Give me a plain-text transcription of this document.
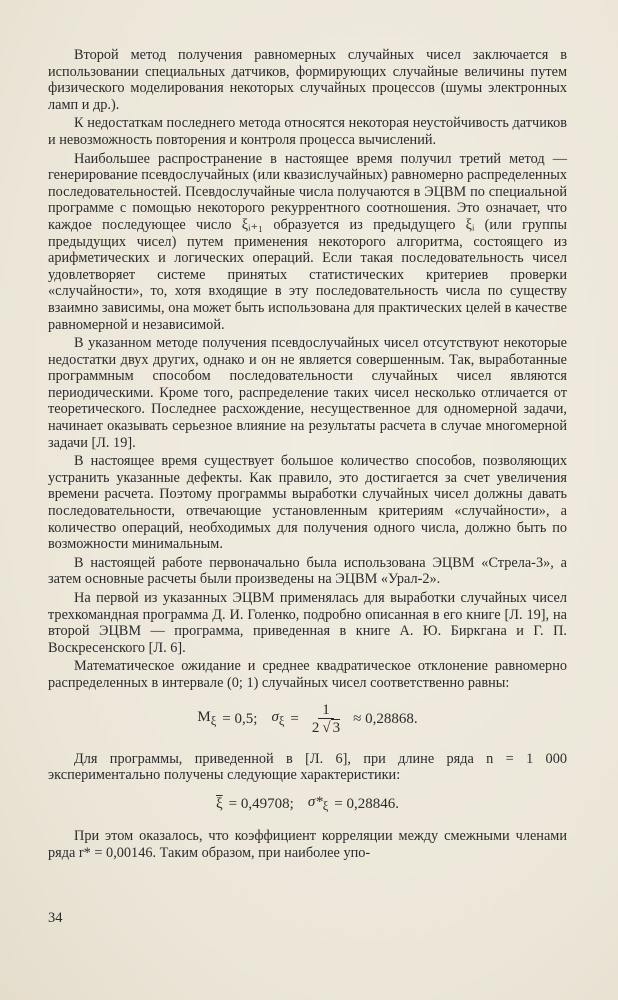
Второй метод получения равномерных случайных чисел заключается в использовании специальных датчиков, формирующих случайные величины путем физического моделирования некоторых случайных процессов (шумы электронных ламп и др.).

К недостаткам последнего метода относятся некоторая неустойчивость датчиков и невозможность повторения и контроля процесса вычислений.

Наибольшее распространение в настоящее время получил третий метод — генерирование псевдослучайных (или квазислучайных) равномерно распределенных последовательностей. Псевдослучайные числа получаются в ЭЦВМ по специальной программе с помощью некоторого рекуррентного соотношения. Это означает, что каждое последующее число ξᵢ₊₁ образуется из предыдущего ξᵢ (или группы предыдущих чисел) путем применения некоторого алгоритма, состоящего из арифметических и логических операций. Если такая последовательность чисел удовлетворяет системе принятых статистических критериев проверки «случайности», то, хотя входящие в эту последовательность числа по существу взаимно зависимы, она может быть использована для практических целей в качестве равномерной и независимой.

В указанном методе получения псевдослучайных чисел отсутствуют некоторые недостатки двух других, однако и он не является совершенным. Так, выработанные программным способом последовательности случайных чисел являются периодическими. Кроме того, распределение таких чисел несколько отличается от теоретического. Последнее расхождение, несущественное для одномерной задачи, начинает оказывать серьезное влияние на результаты расчета в случае многомерной задачи [Л. 19].

В настоящее время существует большое количество способов, позволяющих устранить указанные дефекты. Как правило, это достигается за счет увеличения времени расчета. Поэтому программы выработки случайных чисел должны давать последовательности, отвечающие установленным критериям «случайности», а количество операций, необходимых для получения одного числа, должно быть по возможности минимальным.

В настоящей работе первоначально была использована ЭЦВМ «Стрела-3», а затем основные расчеты были произведены на ЭЦВМ «Урал-2».

На первой из указанных ЭЦВМ применялась для выработки случайных чисел трехкомандная программа Д. И. Голенко, подробно описанная в его книге [Л. 19], на второй ЭЦВМ — программа, приведенная в книге А. Ю. Биркгана и Г. П. Воскресенского [Л. 6].

Математическое ожидание и среднее квадратическое отклонение равномерно распределенных в интервале (0; 1) случайных чисел соответственно равны:

$M_\xi = 0,5$; $\sigma_\xi = \frac{1}{2 √ 3} \approx 0,28868$.

Для программы, приведенной в [Л. 6], при длине ряда n = 1 000 экспериментально получены следующие характеристики:

$\overline{\xi} = 0,49708$; $\sigma*_\xi = 0,28846$.

При этом оказалось, что коэффициент корреляции между смежными членами ряда r* = 0,00146. Таким образом, при наиболее упо-

34
